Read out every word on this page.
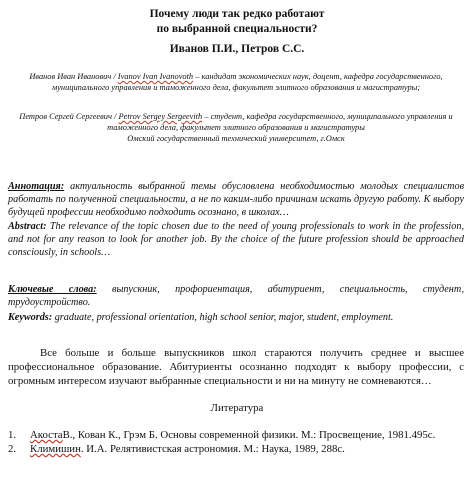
Почему люди так редко работают
по выбранной специальности?
Иванов П.И., Петров С.С.
Иванов Иван Иванович / Ivanov Ivan Ivanovoth – кандидат экономических наук, доцент, кафедра государственного, муниципального управления и таможенного дела, факультет элитного образования и магистратуры;
Петров Сергей Сергеевич / Petrov Sergey Sergeevith – студент, кафедра государственного, муниципального управления и таможенного дела, факультет элитного образования и магистратуры
Омский государственный технический университет, г.Омск
Аннотация: актуальность выбранной темы обусловлена необходимостью молодых специалистов работать по полученной специальности, а не по каким-либо причинам искать другую работу. К выбору будущей профессии необходимо подходить осознано, в школах…
Abstract: The relevance of the topic chosen due to the need of young professionals to work in the profession, and not for any reason to look for another job. By the choice of the future profession should be approached consciously, in schools…
Ключевые слова: выпускник, профориентация, абитуриент, специальность, студент, трудоустройство.
Keywords: graduate, professional orientation, high school senior, major, student, employment.
Все больше и больше выпускников школ стараются получить среднее и высшее профессиональное образование. Абитуриенты осознанно подходят к выбору профессии, с огромным интересом изучают выбранные специальности и ни на минуту не сомневаются…
Литература
1.	АкостаВ., Кован К., Грэм Б. Основы современной физики. М.: Просвещение, 1981.495с.
2.	Климишин. И.А. Релятивистская астрономия. М.: Наука, 1989, 288с.
